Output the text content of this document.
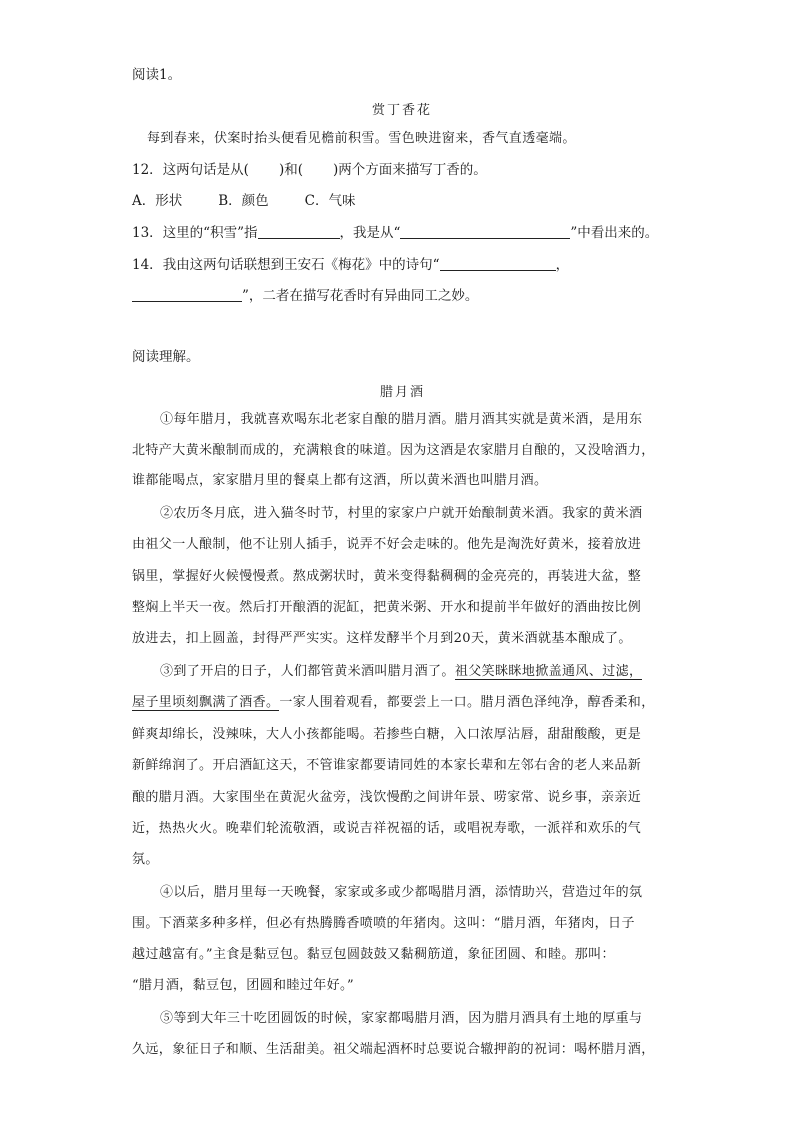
阅读1。
赏丁香花
每到春来，伏案时抬头便看见檐前积雪。雪色映进窗来，香气直透毫端。
12．这两句话是从( )和( )两个方面来描写丁香的。
A．形状	B．颜色	C．气味
13．这里的“积雪”指	，我是从“	”中看出来的。
14．我由这两句话联想到王安石《梅花》中的诗句“	，
”，二者在描写花香时有异曲同工之妙。
阅读理解。
腊月酒
①每年腊月，我就喜欢喝东北老家自酿的腊月酒。腊月酒其实就是黄米酒，是用东
北特产大黄米酿制而成的，充满粮食的味道。因为这酒是农家腊月自酿的，又没啥酒力，
谁都能喝点，家家腊月里的餐桌上都有这酒，所以黄米酒也叫腊月酒。
②农历冬月底，进入猫冬时节，村里的家家户户就开始酿制黄米酒。我家的黄米酒
由祖父一人酿制，他不让别人插手，说弄不好会走味的。他先是淘洗好黄米，接着放进
锅里，掌握好火候慢慢煮。熬成粥状时，黄米变得黏稠稠的金亮亮的，再装进大盆，整
整焖上半天一夜。然后打开酿酒的泥缸，把黄米粥、开水和提前半年做好的酒曲按比例
放进去，扣上圆盖，封得严严实实。这样发酵半个月到20天，黄米酒就基本酿成了。
③到了开启的日子，人们都管黄米酒叫腊月酒了。祖父笑眯眯地掀盖通风、过滤，
屋子里顷刻飘满了酒香。一家人围着观看，都要尝上一口。腊月酒色泽纯净，醇香柔和，
鲜爽却绵长，没辣味，大人小孩都能喝。若掺些白糖，入口浓厚沾唇，甜甜酸酸，更是
新鲜绵润了。开启酒缸这天，不管谁家都要请同姓的本家长辈和左邻右舍的老人来品新
酿的腊月酒。大家围坐在黄泥火盆旁，浅饮慢酌之间讲年景、唠家常、说乡事，亲亲近
近，热热火火。晚辈们轮流敬酒，或说吉祥祝福的话，或唱祝寿歌，一派祥和欢乐的气
氛。
④以后，腊月里每一天晚餐，家家或多或少都喝腊月酒，添情助兴，营造过年的氛
围。下酒菜多种多样，但必有热腾腾香喷喷的年猪肉。这叫：“腊月酒，年猪肉，日子
越过越富有。”主食是黏豆包。黏豆包圆鼓鼓又黏稠筋道，象征团圆、和睦。那叫：
“腊月酒，黏豆包，团圆和睦过年好。”
⑤等到大年三十吃团圆饭的时候，家家都喝腊月酒，因为腊月酒具有土地的厚重与
久远，象征日子和顺、生活甜美。祖父端起酒杯时总要说合辙押韵的祝词：喝杯腊月酒，
